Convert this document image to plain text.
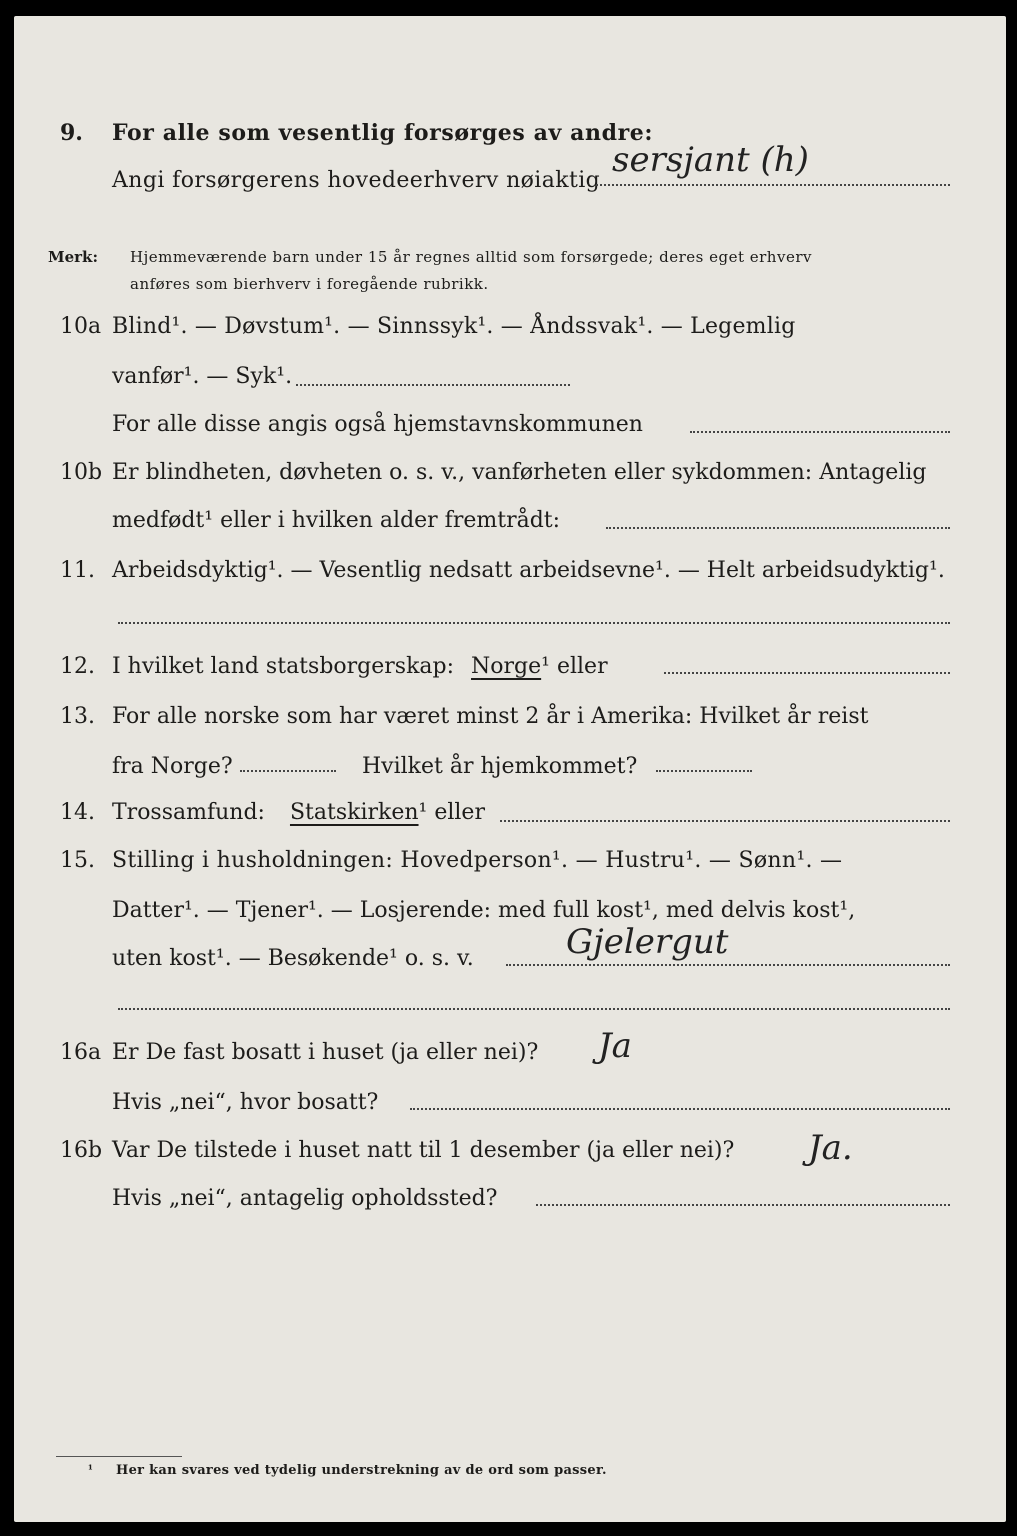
9. For alle som vesentlig forsørges av andre:
Angi forsørgerens hovedeerhverv nøiaktig
sersjant (h)
Merk: Hjemmeværende barn under 15 år regnes alltid som forsørgede; deres eget erhverv
anføres som bierhverv i foregående rubrikk.
10a Blind¹. — Døvstum¹. — Sinnssyk¹. — Åndssvak¹. — Legemlig
vanfør¹. — Syk¹.
For alle disse angis også hjemstavnskommunen
10b Er blindheten, døvheten o. s. v., vanførheten eller sykdommen: Antagelig
medfødt¹ eller i hvilken alder fremtrådt:
11. Arbeidsdyktig¹. — Vesentlig nedsatt arbeidsevne¹. — Helt arbeidsudyktig¹.
12. I hvilket land statsborgerskap: Norge¹ eller
13. For alle norske som har været minst 2 år i Amerika: Hvilket år reist
fra Norge?	Hvilket år hjemkommet?
14. Trossamfund: Statskirken¹ eller
15. Stilling i husholdningen: Hovedperson¹. — Hustru¹. — Sønn¹. —
Datter¹. — Tjener¹. — Losjerende: med full kost¹, med delvis kost¹,
uten kost¹. — Besøkende¹ o. s. v.	Gjelergut
16a Er De fast bosatt i huset (ja eller nei)? Ja
Hvis „nei“, hvor bosatt?
16b Var De tilstede i huset natt til 1 desember (ja eller nei)? Ja.
Hvis „nei“, antagelig opholdssted?
¹ Her kan svares ved tydelig understrekning av de ord som passer.
